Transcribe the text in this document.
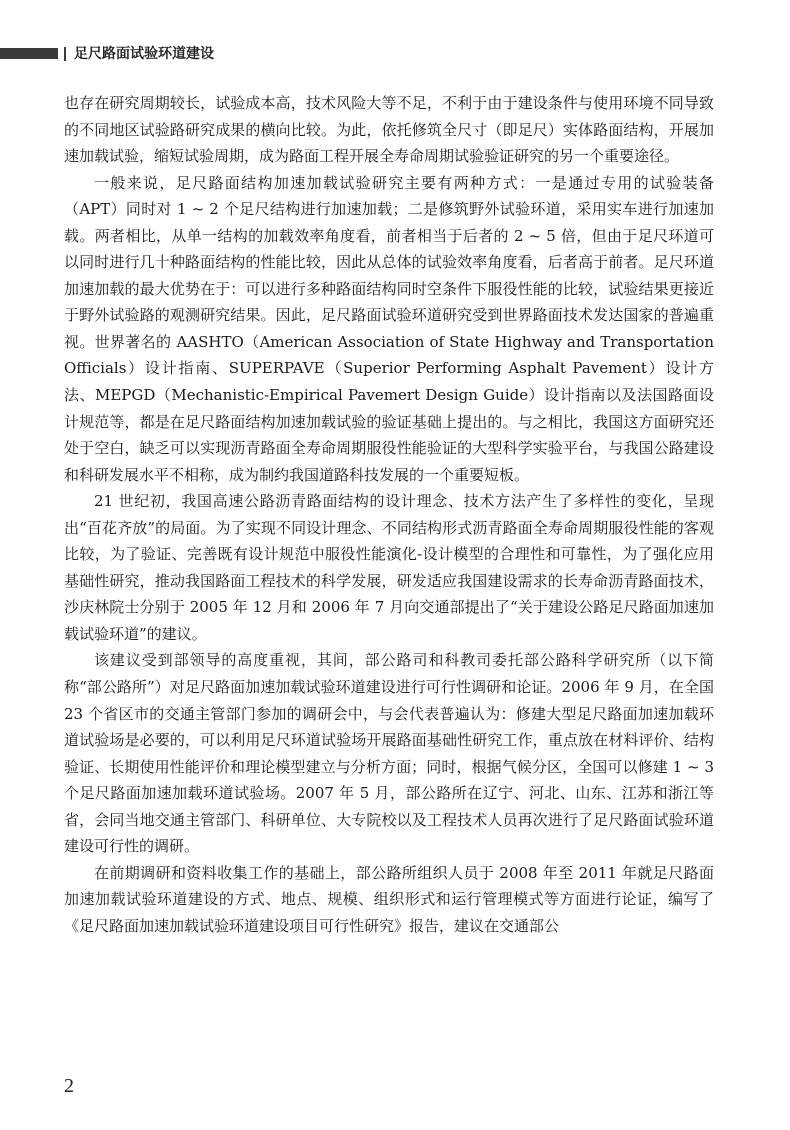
足尺路面试验环道建设

也存在研究周期较长，试验成本高，技术风险大等不足，不利于由于建设条件与使用环境不同导致的不同地区试验路研究成果的横向比较。为此，依托修筑全尺寸（即足尺）实体路面结构，开展加速加载试验，缩短试验周期，成为路面工程开展全寿命周期试验验证研究的另一个重要途径。

一般来说，足尺路面结构加速加载试验研究主要有两种方式：一是通过专用的试验装备（APT）同时对 1 ~ 2 个足尺结构进行加速加载；二是修筑野外试验环道，采用实车进行加速加载。两者相比，从单一结构的加载效率角度看，前者相当于后者的 2 ~ 5 倍，但由于足尺环道可以同时进行几十种路面结构的性能比较，因此从总体的试验效率角度看，后者高于前者。足尺环道加速加载的最大优势在于：可以进行多种路面结构同时空条件下服役性能的比较，试验结果更接近于野外试验路的观测研究结果。因此，足尺路面试验环道研究受到世界路面技术发达国家的普遍重视。世界著名的 AASHTO（American Association of State Highway and Transportation Officials）设计指南、SUPERPAVE（Superior Performing Asphalt Pavement）设计方法、MEPGD（Mechanistic-Empirical Pavemert Design Guide）设计指南以及法国路面设计规范等，都是在足尺路面结构加速加载试验的验证基础上提出的。与之相比，我国这方面研究还处于空白，缺乏可以实现沥青路面全寿命周期服役性能验证的大型科学实验平台，与我国公路建设和科研发展水平不相称，成为制约我国道路科技发展的一个重要短板。

21 世纪初，我国高速公路沥青路面结构的设计理念、技术方法产生了多样性的变化，呈现出“百花齐放”的局面。为了实现不同设计理念、不同结构形式沥青路面全寿命周期服役性能的客观比较，为了验证、完善既有设计规范中服役性能演化-设计模型的合理性和可靠性，为了强化应用基础性研究，推动我国路面工程技术的科学发展，研发适应我国建设需求的长寿命沥青路面技术，沙庆林院士分别于 2005 年 12 月和 2006 年 7 月向交通部提出了“关于建设公路足尺路面加速加载试验环道”的建议。

该建议受到部领导的高度重视，其间，部公路司和科教司委托部公路科学研究所（以下简称“部公路所”）对足尺路面加速加载试验环道建设进行可行性调研和论证。2006 年 9 月，在全国 23 个省区市的交通主管部门参加的调研会中，与会代表普遍认为：修建大型足尺路面加速加载环道试验场是必要的，可以利用足尺环道试验场开展路面基础性研究工作，重点放在材料评价、结构验证、长期使用性能评价和理论模型建立与分析方面；同时，根据气候分区，全国可以修建 1 ~ 3 个足尺路面加速加载环道试验场。2007 年 5 月，部公路所在辽宁、河北、山东、江苏和浙江等省，会同当地交通主管部门、科研单位、大专院校以及工程技术人员再次进行了足尺路面试验环道建设可行性的调研。

在前期调研和资料收集工作的基础上，部公路所组织人员于 2008 年至 2011 年就足尺路面加速加载试验环道建设的方式、地点、规模、组织形式和运行管理模式等方面进行论证，编写了《足尺路面加速加载试验环道建设项目可行性研究》报告，建议在交通部公

2
